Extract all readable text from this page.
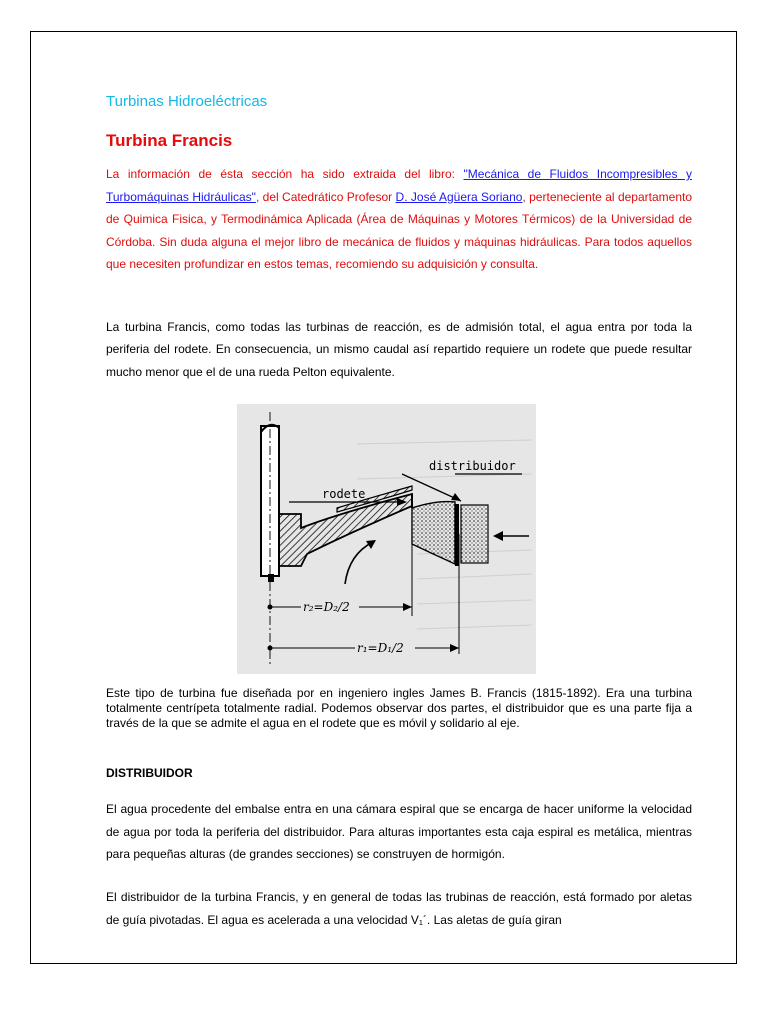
Turbinas Hidroeléctricas
Turbina Francis

La información de ésta sección ha sido extraida del libro: "Mecánica de Fluidos Incompresibles y Turbomáquinas Hidráulicas", del Catedrático Profesor D. José Agüera Soriano, perteneciente al departamento de Quimica Fisica, y Termodinámica Aplicada (Área de Máquinas y Motores Térmicos) de la Universidad de Córdoba. Sin duda alguna el mejor libro de mecánica de fluidos y máquinas hidráulicas. Para todos aquellos que necesiten profundizar en estos temas, recomiendo su adquisición y consulta.

La turbina Francis, como todas las turbinas de reacción, es de admisión total, el agua entra por toda la periferia del rodete. En consecuencia, un mismo caudal así repartido requiere un rodete que puede resultar mucho menor que el de una rueda Pelton equivalente.

distribuidor
rodete
r₂=D₂/2
r₁=D₁/2

Este tipo de turbina fue diseñada por en ingeniero ingles James B. Francis (1815-1892). Era una turbina totalmente centrípeta totalmente radial. Podemos observar dos partes, el distribuidor que es una parte fija a través de la que se admite el agua en el rodete que es móvil y solidario al eje.

DISTRIBUIDOR

El agua procedente del embalse entra en una cámara espiral que se encarga de hacer uniforme la velocidad de agua por toda la periferia del distribuidor. Para alturas importantes esta caja espiral es metálica, mientras para pequeñas alturas (de grandes secciones) se construyen de hormigón.

El distribuidor de la turbina Francis, y en general de todas las trubinas de reacción, está formado por aletas de guía pivotadas. El agua es acelerada a una velocidad V₁´. Las aletas de guía giran
